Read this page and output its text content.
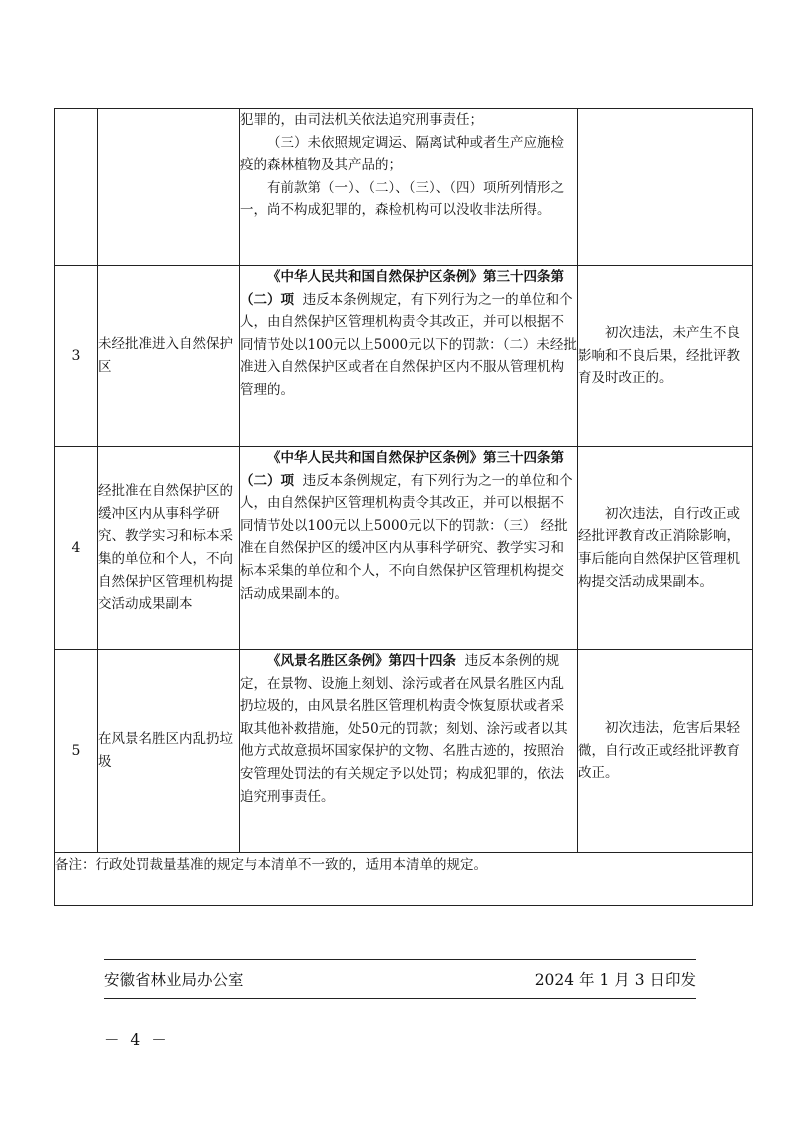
		犯罪的，由司法机关依法追究刑事责任；
（三）未依照规定调运、隔离试种或者生产应施检疫的森林植物及其产品的；
有前款第（一）、（二）、（三）、（四）项所列情形之一，尚不构成犯罪的，森检机构可以没收非法所得。	

3	未经批准进入自然保护区	《中华人民共和国自然保护区条例》第三十四条第（二）项 违反本条例规定，有下列行为之一的单位和个人，由自然保护区管理机构责令其改正，并可以根据不同情节处以100元以上5000元以下的罚款：（二）未经批准进入自然保护区或者在自然保护区内不服从管理机构管理的。	初次违法，未产生不良影响和不良后果，经批评教育及时改正的。
4	经批准在自然保护区的缓冲区内从事科学研究、教学实习和标本采集的单位和个人，不向自然保护区管理机构提交活动成果副本	《中华人民共和国自然保护区条例》第三十四条第（二）项 违反本条例规定，有下列行为之一的单位和个人，由自然保护区管理机构责令其改正，并可以根据不同情节处以100元以上5000元以下的罚款：（三） 经批准在自然保护区的缓冲区内从事科学研究、教学实习和标本采集的单位和个人，不向自然保护区管理机构提交活动成果副本的。	初次违法，自行改正或经批评教育改正消除影响，事后能向自然保护区管理机构提交活动成果副本。
5	在风景名胜区内乱扔垃圾	《风景名胜区条例》第四十四条 违反本条例的规定，在景物、设施上刻划、涂污或者在风景名胜区内乱扔垃圾的，由风景名胜区管理机构责令恢复原状或者采取其他补救措施，处50元的罚款；刻划、涂污或者以其他方式故意损坏国家保护的文物、名胜古迹的，按照治安管理处罚法的有关规定予以处罚；构成犯罪的，依法追究刑事责任。	初次违法，危害后果轻微，自行改正或经批评教育改正。
备注：行政处罚裁量基准的规定与本清单不一致的，适用本清单的规定。			
安徽省林业局办公室	2024 年 1 月 3 日印发
－ 4 －
